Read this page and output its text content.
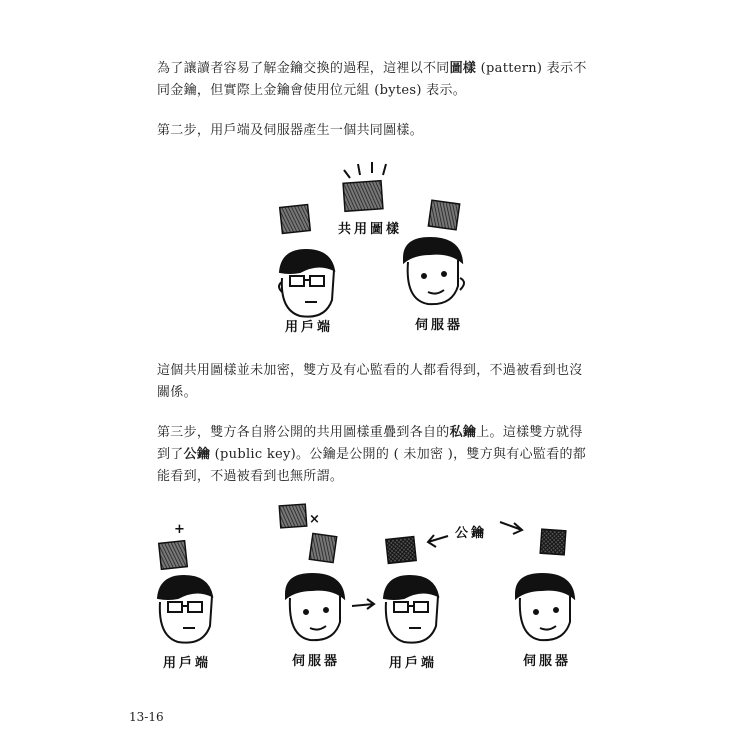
為了讓讀者容易了解金鑰交換的過程，這裡以不同圖樣 (pattern) 表示不同金鑰，但實際上金鑰會使用位元組 (bytes) 表示。
第二步，用戶端及伺服器產生一個共同圖樣。
共用圖樣
用戶端	伺服器
這個共用圖樣並未加密，雙方及有心監看的人都看得到，不過被看到也沒關係。
第三步，雙方各自將公開的共用圖樣重疊到各自的私鑰上。這樣雙方就得到了公鑰 (public key)。公鑰是公開的 ( 未加密 )，雙方與有心監看的都能看到，不過被看到也無所謂。
+
×
公鑰
用戶端	伺服器	用戶端	伺服器
13-16
